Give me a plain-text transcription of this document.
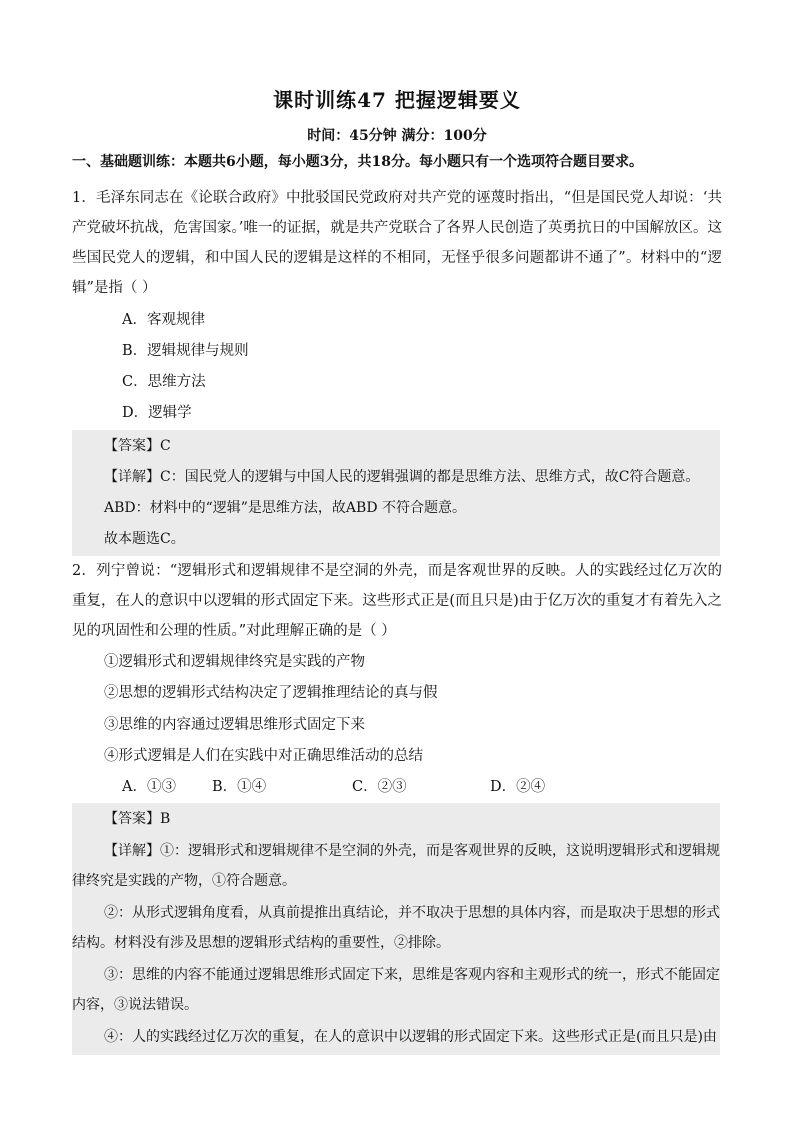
课时训练47 把握逻辑要义
时间：45分钟 满分：100分
一、基础题训练：本题共6小题，每小题3分，共18分。每小题只有一个选项符合题目要求。
1．毛泽东同志在《论联合政府》中批驳国民党政府对共产党的诬蔑时指出，“但是国民党人却说：‘共产党破坏抗战，危害国家。’唯一的证据，就是共产党联合了各界人民创造了英勇抗日的中国解放区。这些国民党人的逻辑，和中国人民的逻辑是这样的不相同，无怪乎很多问题都讲不通了”。材料中的“逻辑”是指（ ）
A．客观规律
B．逻辑规律与规则
C．思维方法
D．逻辑学
【答案】C
【详解】C：国民党人的逻辑与中国人民的逻辑强调的都是思维方法、思维方式，故C符合题意。
ABD：材料中的“逻辑”是思维方法，故ABD 不符合题意。
故本题选C。
2．列宁曾说：“逻辑形式和逻辑规律不是空洞的外壳，而是客观世界的反映。人的实践经过亿万次的重复，在人的意识中以逻辑的形式固定下来。这些形式正是(而且只是)由于亿万次的重复才有着先入之见的巩固性和公理的性质。”对此理解正确的是（ ）
①逻辑形式和逻辑规律终究是实践的产物
②思想的逻辑形式结构决定了逻辑推理结论的真与假
③思维的内容通过逻辑思维形式固定下来
④形式逻辑是人们在实践中对正确思维活动的总结
A．①③ B．①④	C．②③	D．②④
【答案】B
【详解】①：逻辑形式和逻辑规律不是空洞的外壳，而是客观世界的反映，这说明逻辑形式和逻辑规律终究是实践的产物，①符合题意。
②：从形式逻辑角度看，从真前提推出真结论，并不取决于思想的具体内容，而是取决于思想的形式结构。材料没有涉及思想的逻辑形式结构的重要性，②排除。
③：思维的内容不能通过逻辑思维形式固定下来，思维是客观内容和主观形式的统一，形式不能固定内容，③说法错误。
④：人的实践经过亿万次的重复，在人的意识中以逻辑的形式固定下来。这些形式正是(而且只是)由
